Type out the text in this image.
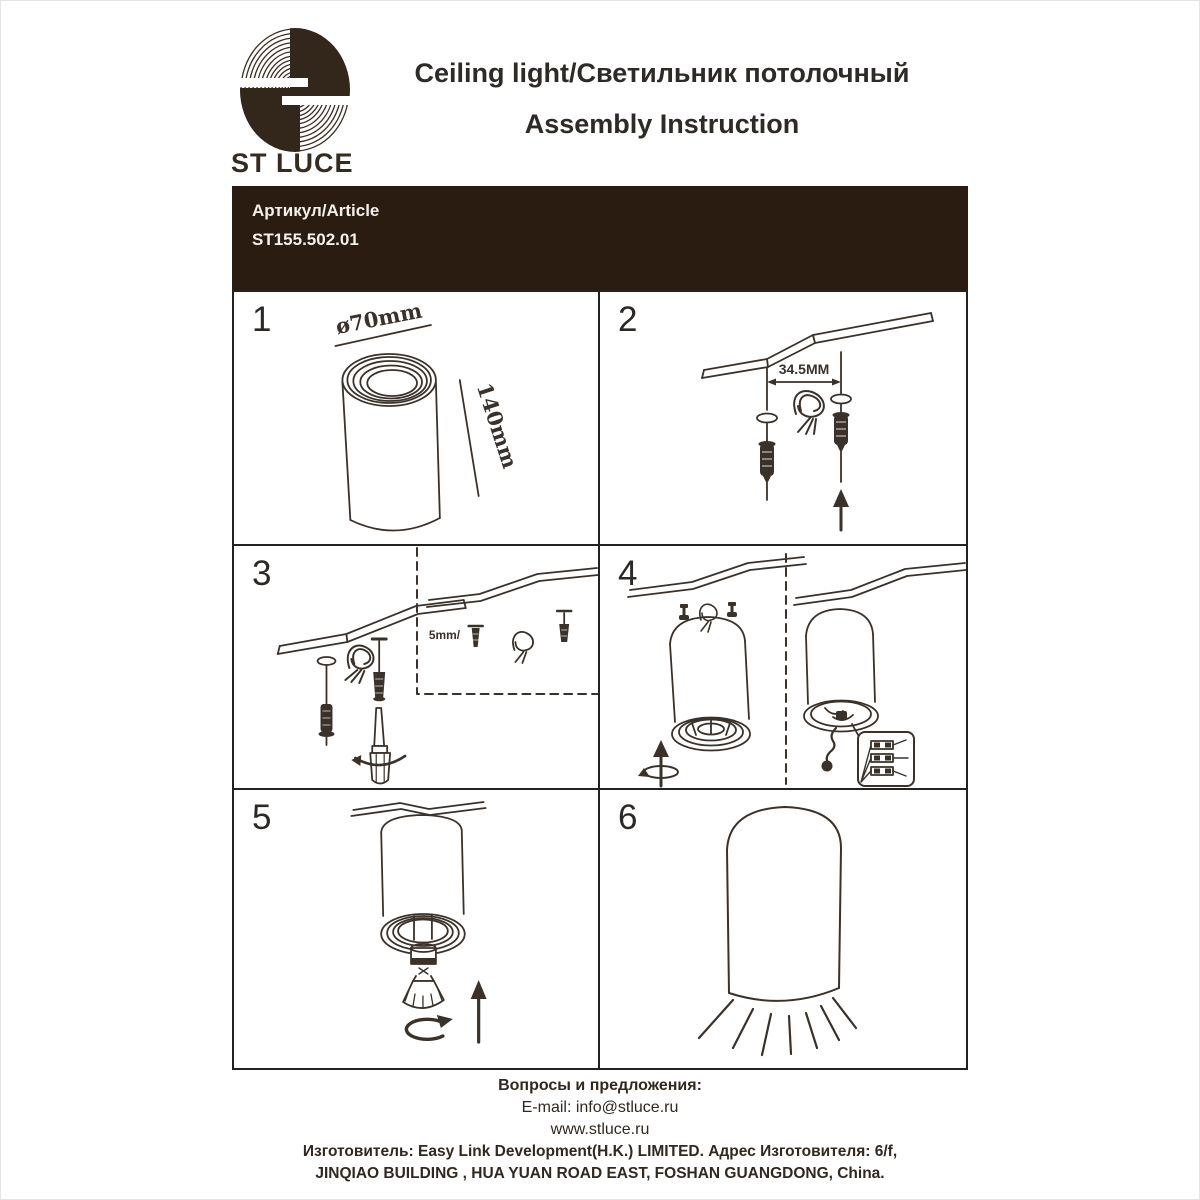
ST LUCE
Ceiling light/Светильник потолочный
Assembly Instruction
Артикул/Article
ST155.502.01
1	ø70mm
140mm
2
34.5MM
3
5mm/
4
5	6
Вопросы и предложения:
E-mail: info@stluce.ru
www.stluce.ru
Изготовитель: Easy Link Development(H.K.) LIMITED. Адрес Изготовителя: 6/f,
JINQIAO BUILDING , HUA YUAN ROAD EAST, FOSHAN GUANGDONG, China.
